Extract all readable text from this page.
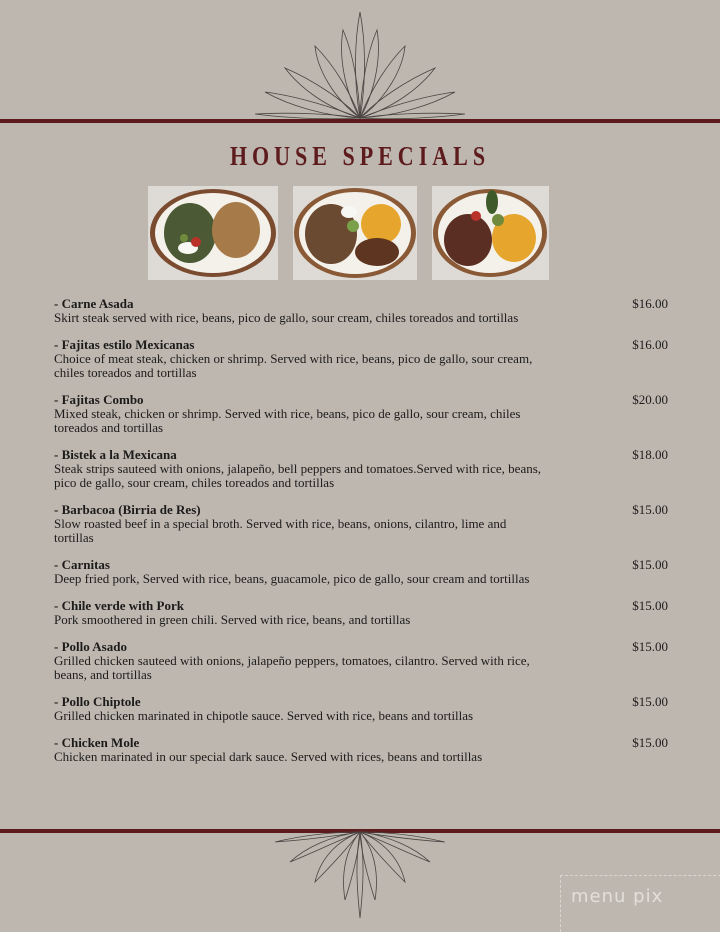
HOUSE SPECIALS
- Carne Asada
Skirt steak served with rice, beans, pico de gallo, sour cream, chiles toreados and tortillas
$16.00
- Fajitas estilo Mexicanas
Choice of meat steak, chicken or shrimp. Served with rice, beans, pico de gallo, sour cream, chiles toreados and tortillas
$16.00
- Fajitas Combo
Mixed steak, chicken or shrimp. Served with rice, beans, pico de gallo, sour cream, chiles toreados and tortillas
$20.00
- Bistek a la Mexicana
Steak strips sauteed with onions, jalapeño, bell peppers and tomatoes.Served with rice, beans, pico de gallo, sour cream, chiles toreados and tortillas
$18.00
- Barbacoa (Birria de Res)
Slow roasted beef in a special broth. Served with rice, beans, onions, cilantro, lime and tortillas
$15.00
- Carnitas
Deep fried pork, Served with rice, beans, guacamole, pico de gallo, sour cream and tortillas
$15.00
- Chile verde with Pork
Pork smoothered in green chili. Served with rice, beans, and tortillas
$15.00
- Pollo Asado
Grilled chicken sauteed with onions, jalapeño peppers, tomatoes, cilantro. Served with rice, beans, and tortillas
$15.00
- Pollo Chiptole
Grilled chicken marinated in chipotle sauce. Served with rice, beans and tortillas
$15.00
- Chicken Mole
Chicken marinated in our special dark sauce. Served with rices, beans and tortillas
$15.00
menu pix
